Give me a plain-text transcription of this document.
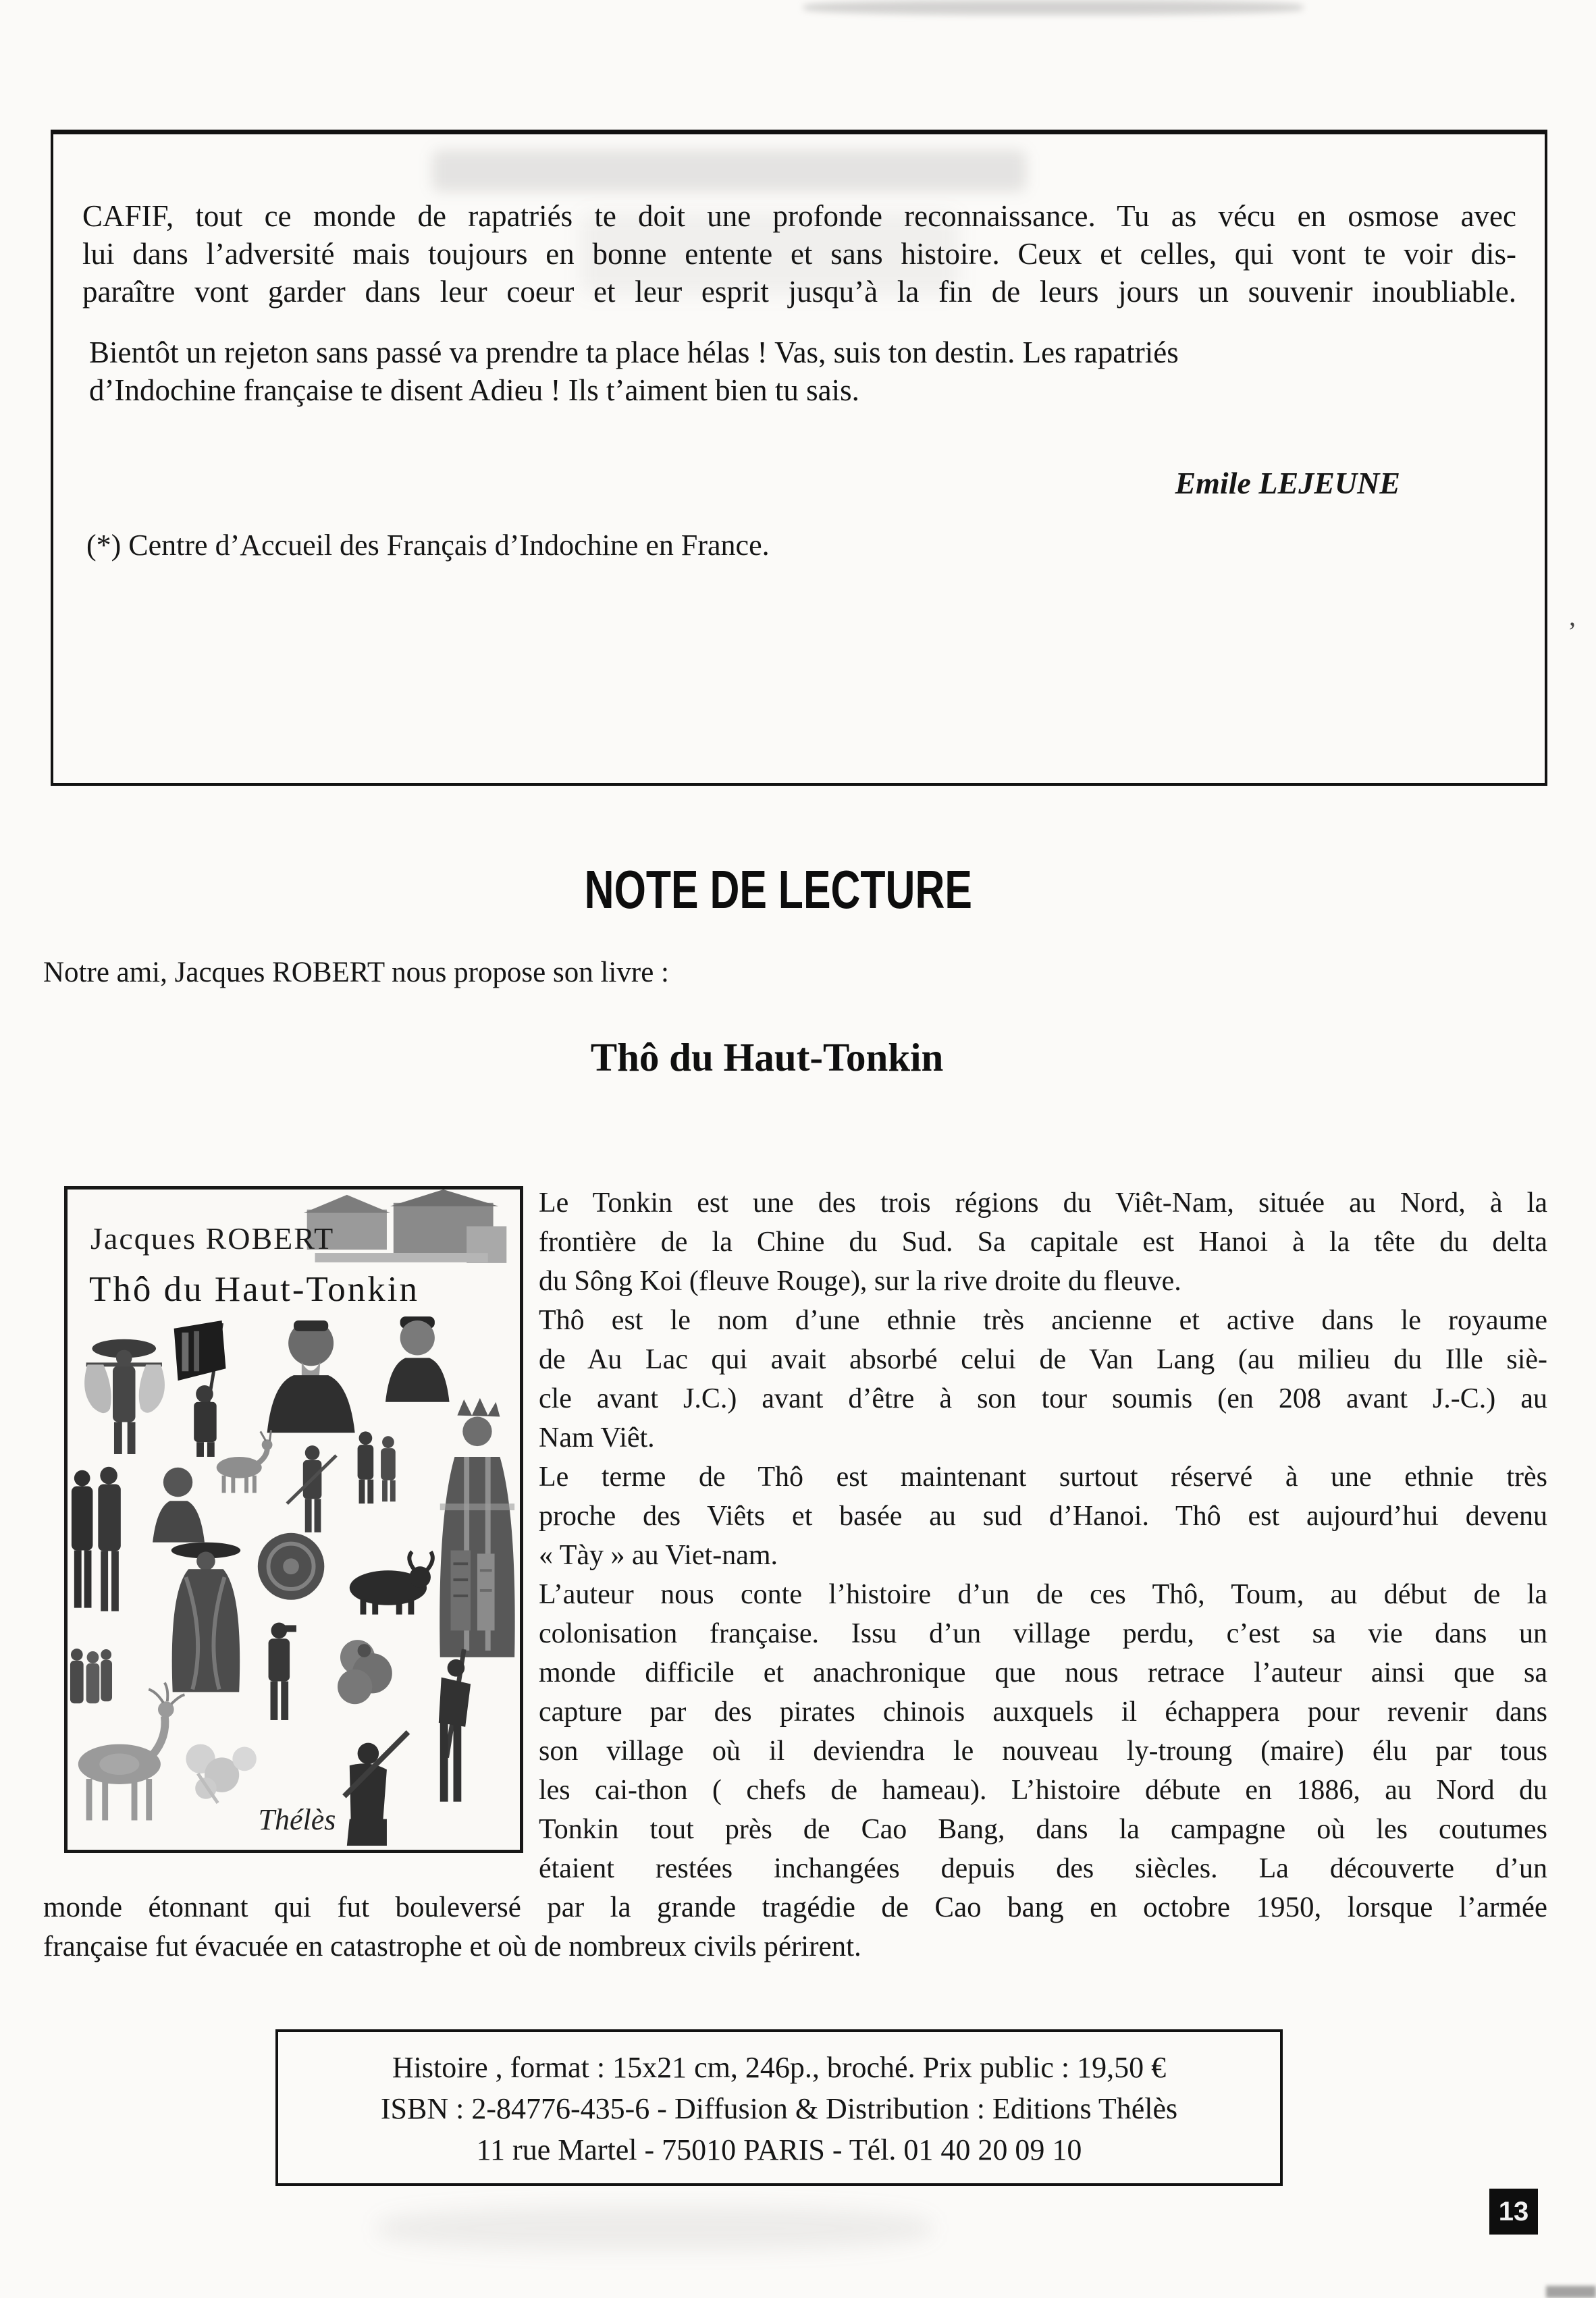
’
CAFIF, tout ce monde de rapatriés te doit une profonde reconnaissance. Tu as vécu en osmose avec
lui dans l’adversité mais toujours en bonne entente et sans histoire. Ceux et celles, qui vont te voir dis-
paraître vont garder dans leur coeur et leur esprit jusqu’à la fin de leurs jours un souvenir inoubliable.
Bientôt un rejeton sans passé va prendre ta place hélas ! Vas, suis ton destin. Les rapatriés
d’Indochine française te disent Adieu ! Ils t’aiment bien tu sais.
Emile LEJEUNE
(*) Centre d’Accueil des Français d’Indochine en France.
NOTE DE LECTURE
Notre ami, Jacques ROBERT nous propose son livre :
Thô du Haut-Tonkin
Jacques ROBERT
Thô du Haut-Tonkin
Thélès
Le Tonkin est une des trois régions du Viêt-Nam, située au Nord, à la
frontière de la Chine du Sud. Sa capitale est Hanoi à la tête du delta
du Sông Koi (fleuve Rouge), sur la rive droite du fleuve.
Thô est le nom d’une ethnie très ancienne et active dans le royaume
de Au Lac qui avait absorbé celui de Van Lang (au milieu du Ille siè-
cle avant J.C.) avant d’être à son tour soumis (en 208 avant J.-C.) au
Nam Viêt.
Le terme de Thô est maintenant surtout réservé à une ethnie très
proche des Viêts et basée au sud d’Hanoi. Thô est aujourd’hui devenu
« Tày » au Viet-nam.
L’auteur nous conte l’histoire d’un de ces Thô, Toum, au début de la
colonisation française. Issu d’un village perdu, c’est sa vie dans un
monde difficile et anachronique que nous retrace l’auteur ainsi que sa
capture par des pirates chinois auxquels il échappera pour revenir dans
son village où il deviendra le nouveau ly-troung (maire) élu par tous
les cai-thon ( chefs de hameau). L’histoire débute en 1886, au Nord du
Tonkin tout près de Cao Bang, dans la campagne où les coutumes
étaient restées inchangées depuis des siècles. La découverte d’un
monde étonnant qui fut bouleversé par la grande tragédie de Cao bang en octobre 1950, lorsque l’armée
française fut évacuée en catastrophe et où de nombreux civils périrent.
Histoire , format : 15x21 cm, 246p., broché. Prix public : 19,50 €
ISBN : 2-84776-435-6 - Diffusion & Distribution : Editions Thélès
11 rue Martel - 75010 PARIS - Tél. 01 40 20 09 10
13
